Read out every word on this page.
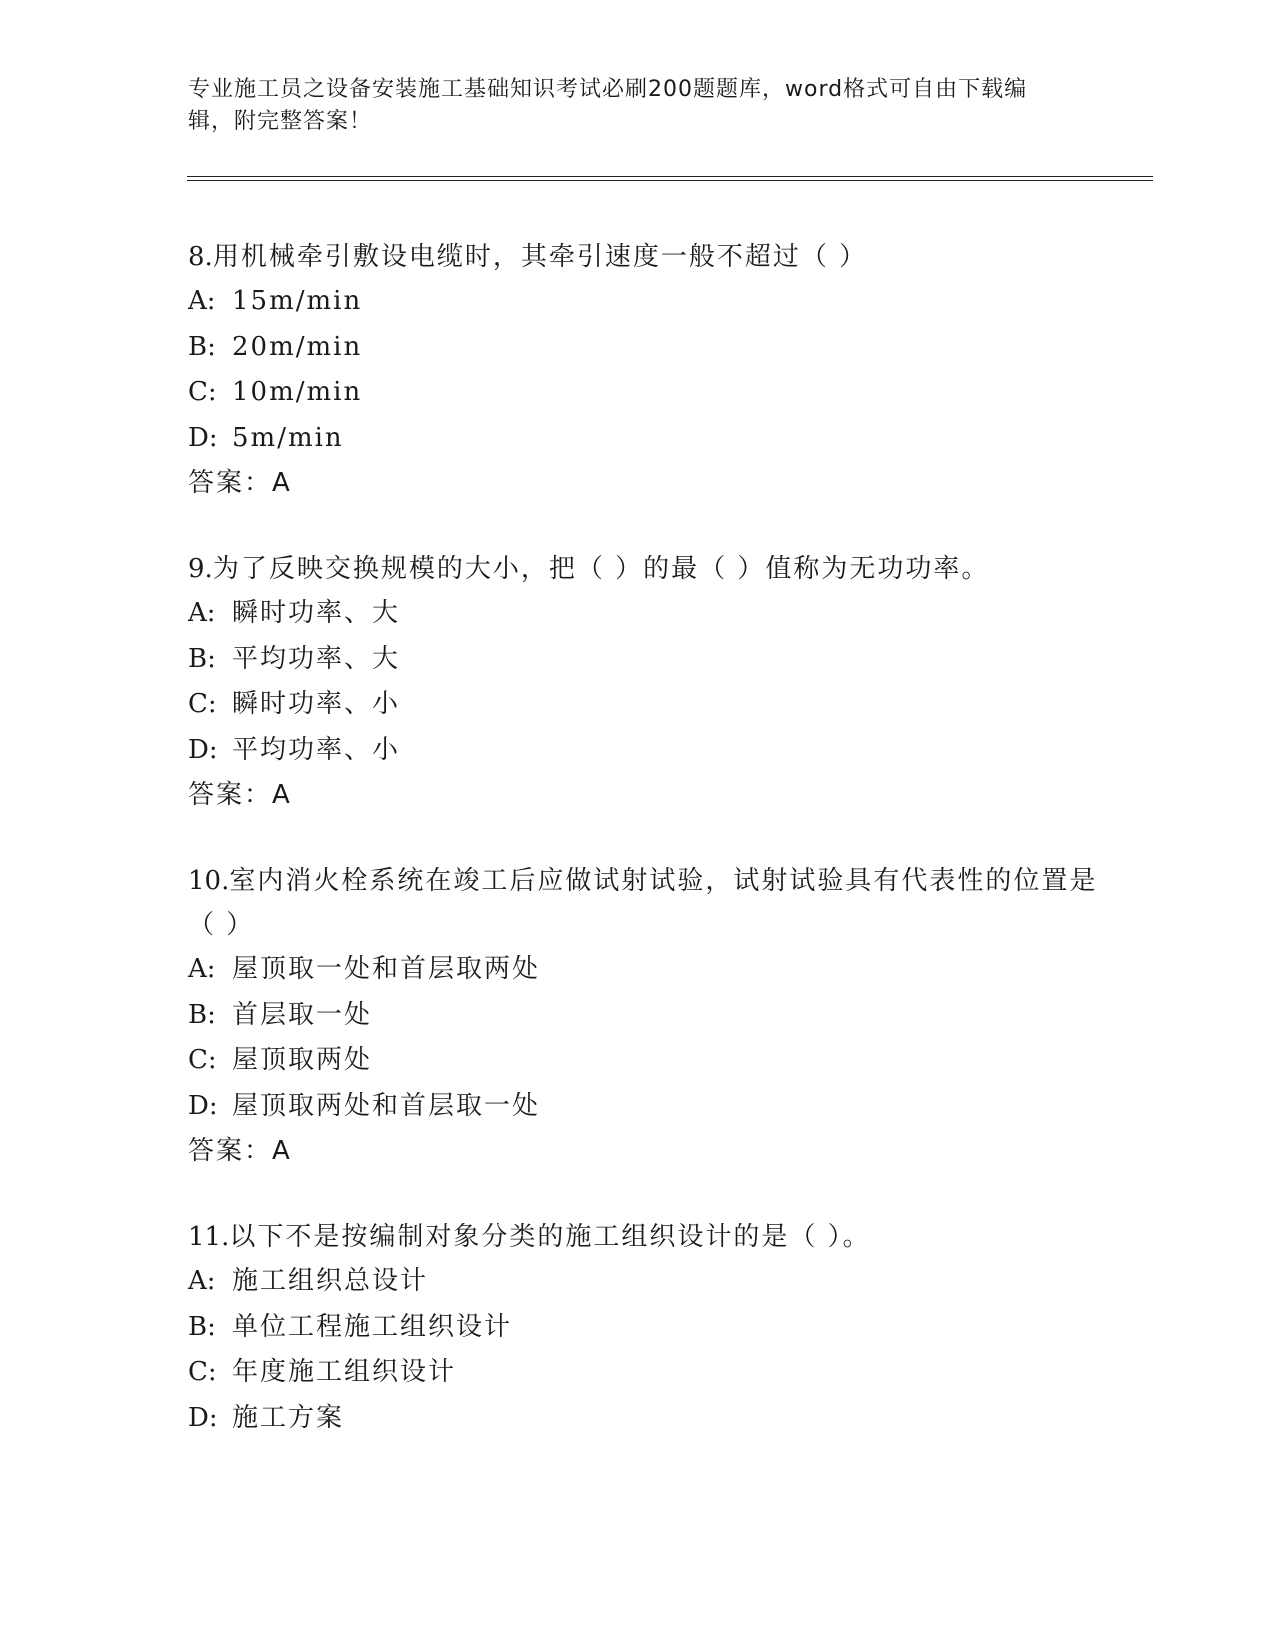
专业施工员之设备安装施工基础知识考试必刷200题题库，word格式可自由下载编辑，附完整答案！

8.用机械牵引敷设电缆时，其牵引速度一般不超过（ ）

A: 15m/min

B: 20m/min

C: 10m/min

D: 5m/min

答案：A

9.为了反映交换规模的大小，把（ ）的最（ ）值称为无功功率。

A: 瞬时功率、大

B: 平均功率、大

C: 瞬时功率、小

D: 平均功率、小

答案：A

10.室内消火栓系统在竣工后应做试射试验，试射试验具有代表性的位置是（ ）

A: 屋顶取一处和首层取两处

B: 首层取一处

C: 屋顶取两处

D: 屋顶取两处和首层取一处

答案：A

11.以下不是按编制对象分类的施工组织设计的是（ ）。

A: 施工组织总设计

B: 单位工程施工组织设计

C: 年度施工组织设计

D: 施工方案
